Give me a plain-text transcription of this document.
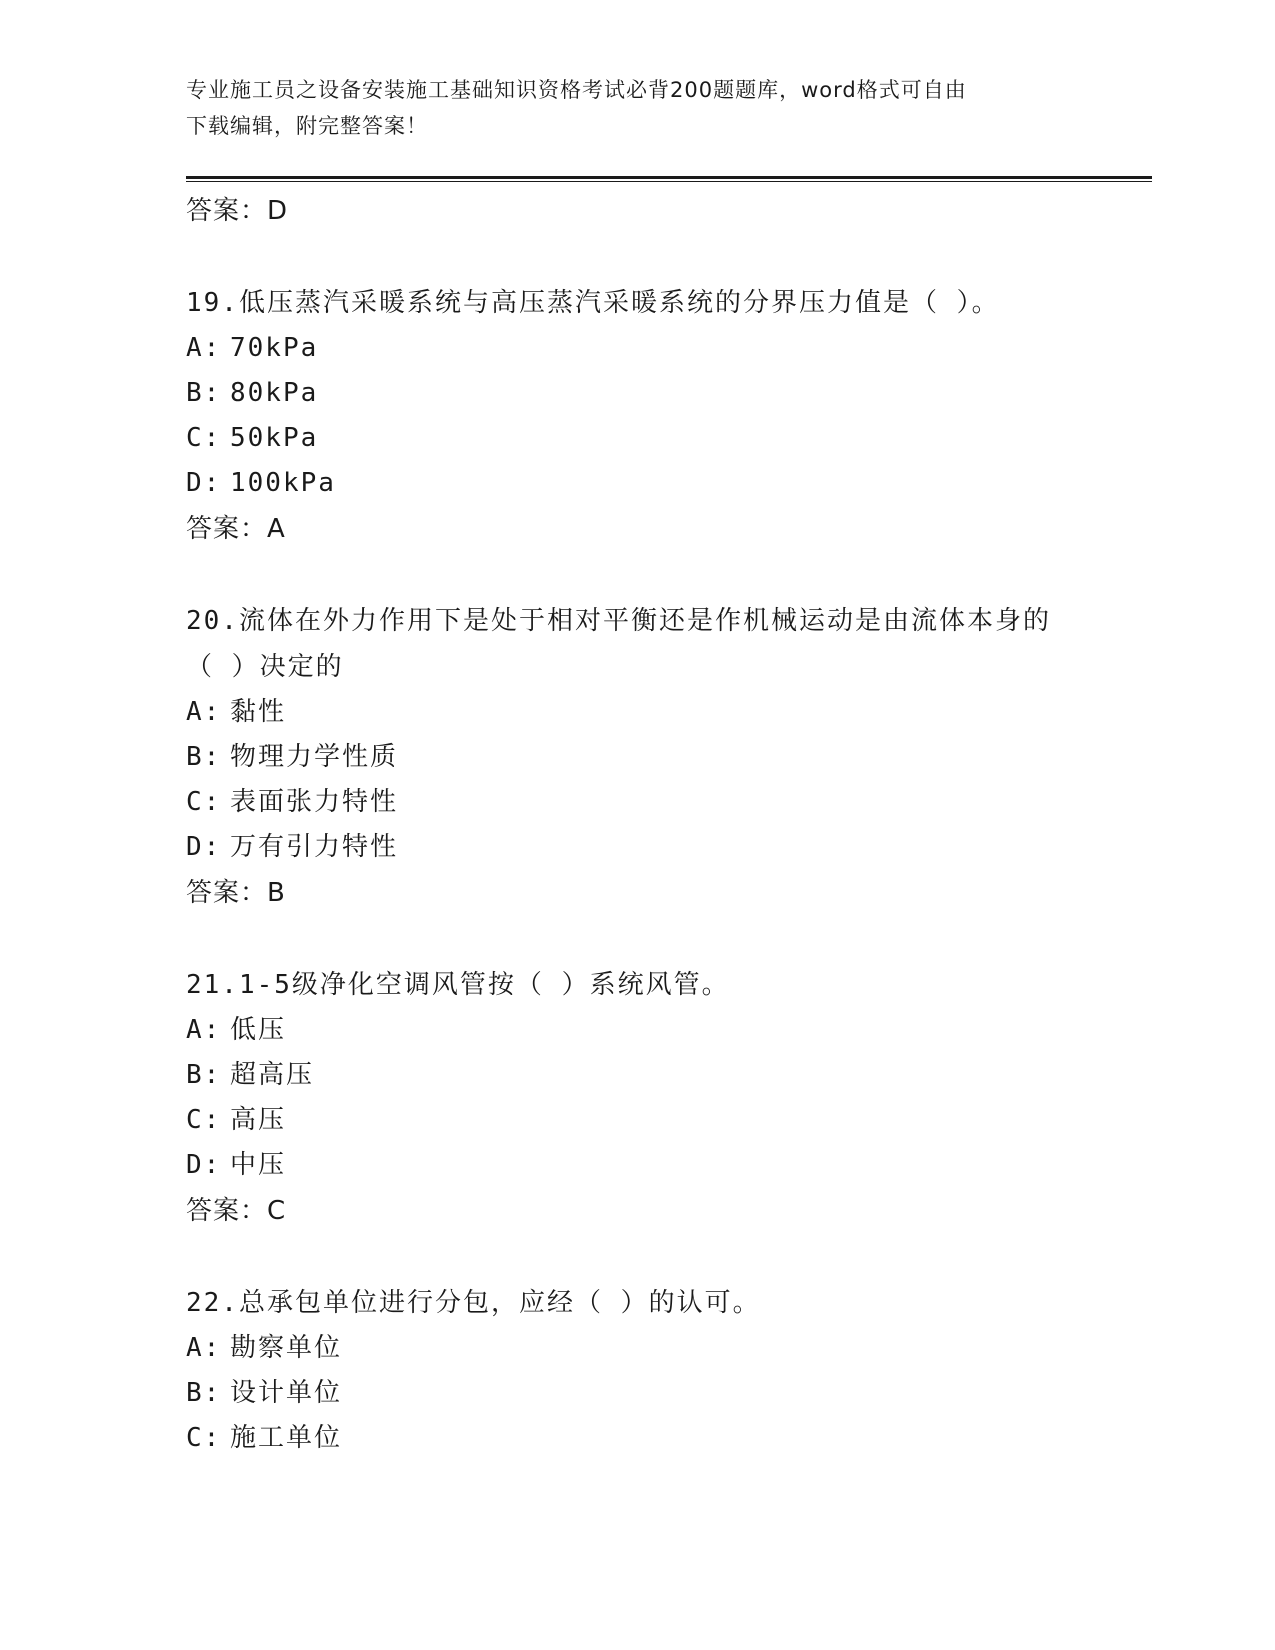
专业施工员之设备安装施工基础知识资格考试必背200题题库，word格式可自由
下载编辑，附完整答案！
答案：D
19.低压蒸汽采暖系统与高压蒸汽采暖系统的分界压力值是（ ）。
A: 70kPa
B: 80kPa
C: 50kPa
D: 100kPa
答案：A
20.流体在外力作用下是处于相对平衡还是作机械运动是由流体本身的
（ ）决定的
A: 黏性
B: 物理力学性质
C: 表面张力特性
D: 万有引力特性
答案：B
21.1-5级净化空调风管按（ ）系统风管。
A: 低压
B: 超高压
C: 高压
D: 中压
答案：C
22.总承包单位进行分包，应经（ ）的认可。
A: 勘察单位
B: 设计单位
C: 施工单位
